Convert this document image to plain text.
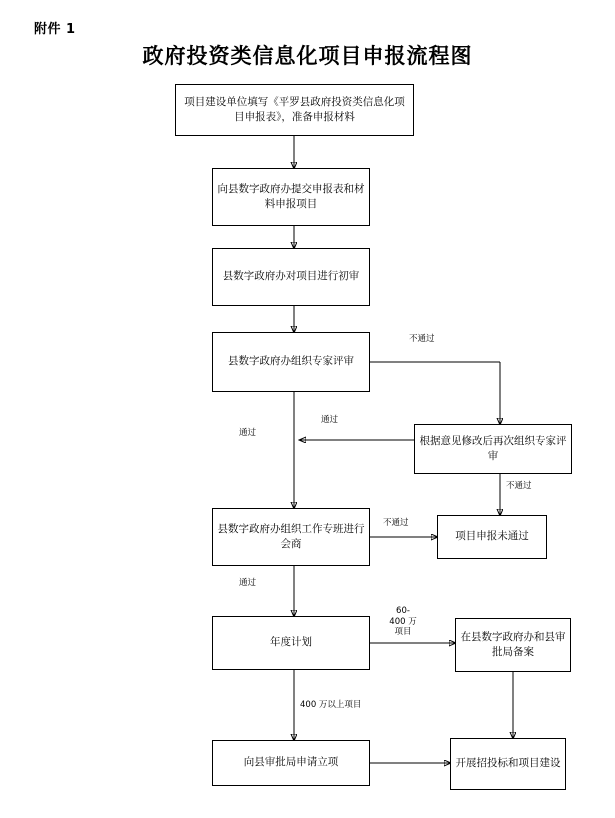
附件 1
政府投资类信息化项目申报流程图
项目建设单位填写《平罗县政府投资类信息化项目申报表》，准备申报材料
向县数字政府办提交申报表和材料申报项目
县数字政府办对项目进行初审
县数字政府办组织专家评审
根据意见修改后再次组织专家评审
县数字政府办组织工作专班进行会商
项目申报未通过
年度计划	在县数字政府办和县审批局备案
向县审批局申请立项	开展招投标和项目建设
不通过
通过
通过
不通过
不通过
通过
60-400 万项目
400 万以上项目
